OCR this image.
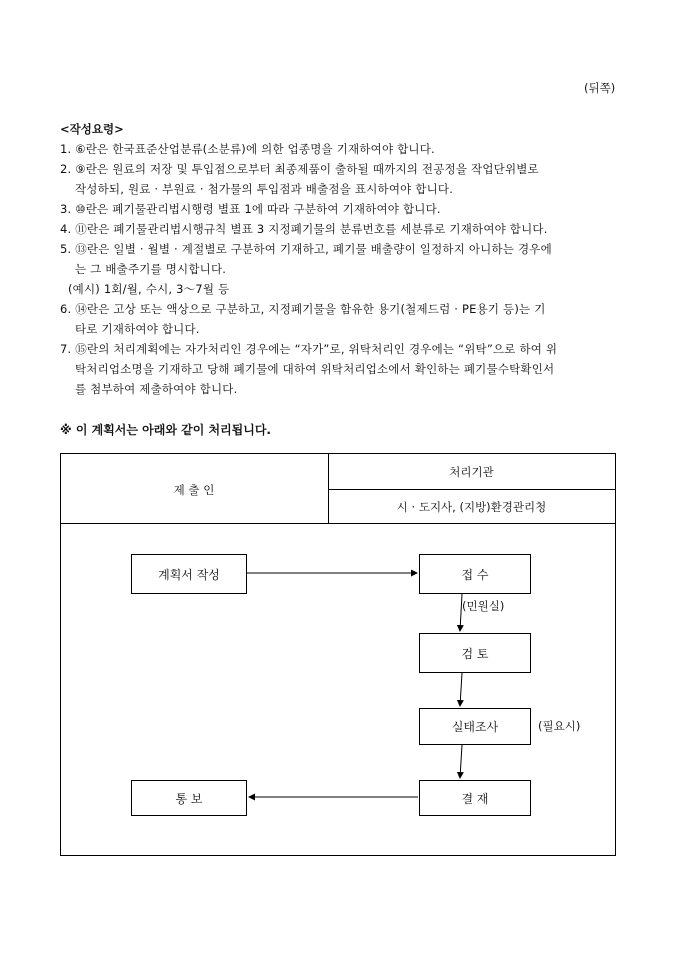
(뒤쪽)
<작성요령>
1. ⑥란은 한국표준산업분류(소분류)에 의한 업종명을 기재하여야 합니다.
2. ⑨란은 원료의 저장 및 투입점으로부터 최종제품이 출하될 때까지의 전공정을 작업단위별로
작성하되, 원료 · 부원료 · 첨가물의 투입점과 배출점을 표시하여야 합니다.
3. ⑩란은 폐기물관리법시행령 별표 1에 따라 구분하여 기재하여야 합니다.
4. ⑪란은 폐기물관리법시행규칙 별표 3 지정폐기물의 분류번호를 세분류로 기재하여야 합니다.
5. ⑬란은 일별 · 월별 · 계절별로 구분하여 기재하고, 폐기물 배출량이 일정하지 아니하는 경우에
는 그 배출주기를 명시합니다.
(예시) 1회/월, 수시, 3～7월 등
6. ⑭란은 고상 또는 액상으로 구분하고, 지정폐기물을 함유한 용기(철제드럼 · PE용기 등)는 기
타로 기재하여야 합니다.
7. ⑮란의 처리계획에는 자가처리인 경우에는 “자가”로, 위탁처리인 경우에는 “위탁”으로 하여 위
탁처리업소명을 기재하고 당해 폐기물에 대하여 위탁처리업소에서 확인하는 폐기물수탁확인서
를 첨부하여 제출하여야 합니다.
※ 이 계획서는 아래와 같이 처리됩니다.
제 출 인
처리기관
시 · 도지사, (지방)환경관리청
계획서 작성	접 수
(민원실)
검 토
실태조사	(필요시)
결 재
통 보
